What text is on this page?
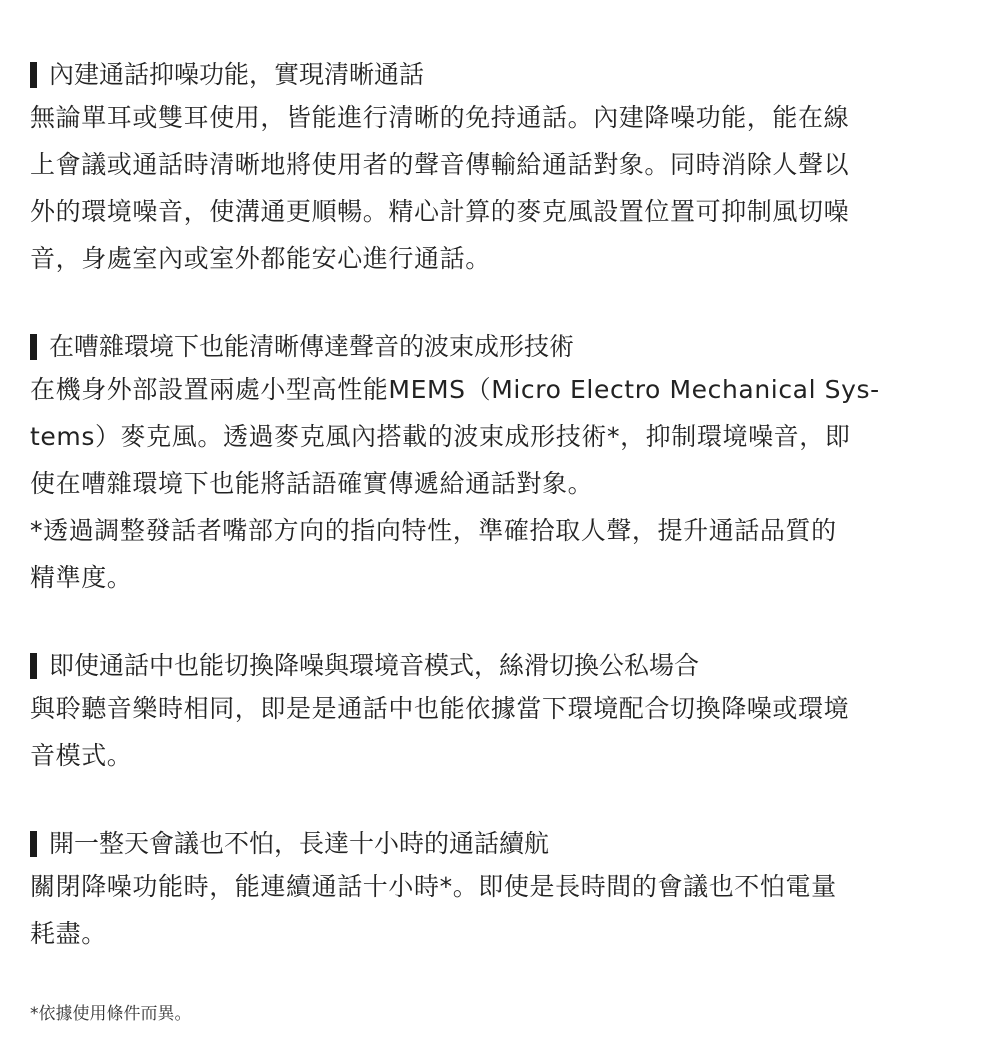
內建通話抑噪功能，實現清晰通話

無論單耳或雙耳使用，皆能進行清晰的免持通話。內建降噪功能，能在線

上會議或通話時清晰地將使用者的聲音傳輸給通話對象。同時消除人聲以

外的環境噪音，使溝通更順暢。精心計算的麥克風設置位置可抑制風切噪

音，身處室內或室外都能安心進行通話。

在嘈雜環境下也能清晰傳達聲音的波束成形技術

在機身外部設置兩處小型高性能MEMS（Micro Electro Mechanical Sys-

tems）麥克風。透過麥克風內搭載的波束成形技術*，抑制環境噪音，即

使在嘈雜環境下也能將話語確實傳遞給通話對象。

*透過調整發話者嘴部方向的指向特性，準確拾取人聲，提升通話品質的

精準度。

即使通話中也能切換降噪與環境音模式，絲滑切換公私場合

與聆聽音樂時相同，即是是通話中也能依據當下環境配合切換降噪或環境

音模式。

開一整天會議也不怕，長達十小時的通話續航

關閉降噪功能時，能連續通話十小時*。即使是長時間的會議也不怕電量

耗盡。

*依據使用條件而異。
